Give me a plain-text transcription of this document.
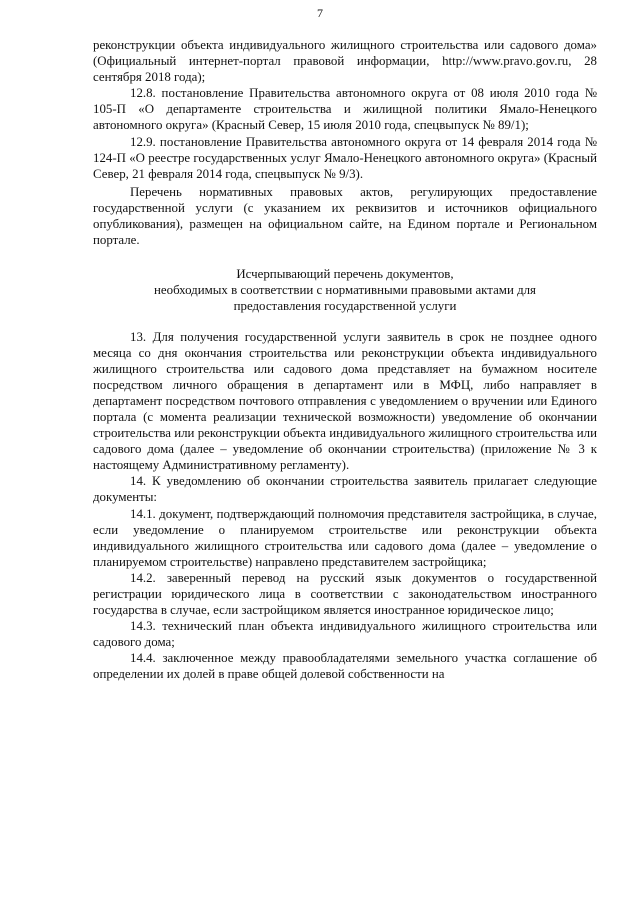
7

реконструкции объекта индивидуального жилищного строительства или садового дома» (Официальный интернет-портал правовой информации, http://www.pravo.gov.ru, 28 сентября 2018 года);

12.8. постановление Правительства автономного округа от 08 июля 2010 года № 105-П «О департаменте строительства и жилищной политики Ямало-Ненецкого автономного округа» (Красный Север, 15 июля 2010 года, спецвыпуск № 89/1);

12.9. постановление Правительства автономного округа от 14 февраля 2014 года № 124-П «О реестре государственных услуг Ямало-Ненецкого автономного округа» (Красный Север, 21 февраля 2014 года, спецвыпуск № 9/3).

Перечень нормативных правовых актов, регулирующих предоставление государственной услуги (с указанием их реквизитов и источников официального опубликования), размещен на официальном сайте, на Едином портале и Региональном портале.

Исчерпывающий перечень документов,

необходимых в соответствии с нормативными правовыми актами для

предоставления государственной услуги

13. Для получения государственной услуги заявитель в срок не позднее одного месяца со дня окончания строительства или реконструкции объекта индивидуального жилищного строительства или садового дома представляет на бумажном носителе посредством личного обращения в департамент или в МФЦ, либо направляет в департамент посредством почтового отправления с уведомлением о вручении или Единого портала (с момента реализации технической возможности) уведомление об окончании строительства или реконструкции объекта индивидуального жилищного строительства или садового дома (далее – уведомление об окончании строительства) (приложение № 3 к настоящему Административному регламенту).

14. К уведомлению об окончании строительства заявитель прилагает следующие документы:

14.1. документ, подтверждающий полномочия представителя застройщика, в случае, если уведомление о планируемом строительстве или реконструкции объекта индивидуального жилищного строительства или садового дома (далее – уведомление о планируемом строительстве) направлено представителем застройщика;

14.2. заверенный перевод на русский язык документов о государственной регистрации юридического лица в соответствии с законодательством иностранного государства в случае, если застройщиком является иностранное юридическое лицо;

14.3. технический план объекта индивидуального жилищного строительства или садового дома;

14.4. заключенное между правообладателями земельного участка соглашение об определении их долей в праве общей долевой собственности на
